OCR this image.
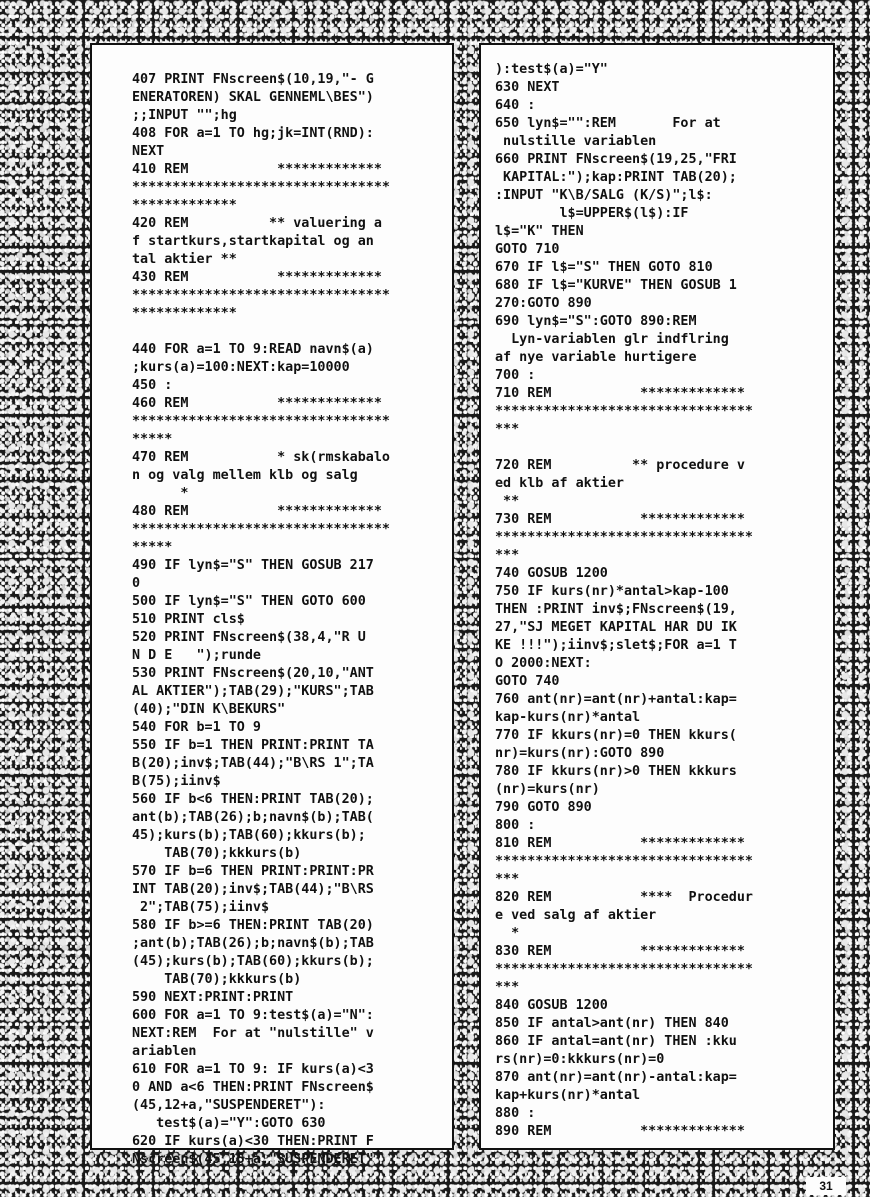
407 PRINT FNscreen$(10,19,"- G
ENERATOREN) SKAL GENNEML\BES")
;;INPUT "";hg
408 FOR a=1 TO hg;jk=INT(RND):
NEXT
410 REM           *************
********************************
*************
420 REM          ** valuering a
f startkurs,startkapital og an
tal aktier **
430 REM           *************
********************************
*************

440 FOR a=1 TO 9:READ navn$(a)
;kurs(a)=100:NEXT:kap=10000
450 :
460 REM           *************
********************************
*****
470 REM           * sk(rmskabalo
n og valg mellem klb og salg
*
480 REM           *************
********************************
*****
490 IF lyn$="S" THEN GOSUB 217
0
500 IF lyn$="S" THEN GOTO 600
510 PRINT cls$
520 PRINT FNscreen$(38,4,"R U
N D E   ");runde
530 PRINT FNscreen$(20,10,"ANT
AL AKTIER");TAB(29);"KURS";TAB
(40);"DIN K\BEKURS"
540 FOR b=1 TO 9
550 IF b=1 THEN PRINT:PRINT TA
B(20);inv$;TAB(44);"B\RS 1";TA
B(75);iinv$
560 IF b<6 THEN:PRINT TAB(20);
ant(b);TAB(26);b;navn$(b);TAB(
45);kurs(b);TAB(60);kkurs(b);
TAB(70);kkkurs(b)
570 IF b=6 THEN PRINT:PRINT:PR
INT TAB(20);inv$;TAB(44);"B\RS
2";TAB(75);iinv$
580 IF b>=6 THEN:PRINT TAB(20)
;ant(b);TAB(26);b;navn$(b);TAB
(45);kurs(b);TAB(60);kkurs(b);
TAB(70);kkkurs(b)
590 NEXT:PRINT:PRINT
600 FOR a=1 TO 9:test$(a)="N":
NEXT:REM  For at "nulstille" v
ariablen
610 FOR a=1 TO 9: IF kurs(a)<3
0 AND a<6 THEN:PRINT FNscreen$
(45,12+a,"SUSPENDERET"):
test$(a)="Y":GOTO 630
620 IF kurs(a)<30 THEN:PRINT F
Nscreen$(45,15+a,"SUSPENDERET"
):test$(a)="Y"
630 NEXT
640 :
650 lyn$="":REM       For at
nulstille variablen
660 PRINT FNscreen$(19,25,"FRI
KAPITAL:");kap:PRINT TAB(20);
:INPUT "K\B/SALG (K/S)";l$:
l$=UPPER$(l$):IF
l$="K" THEN
GOTO 710
670 IF l$="S" THEN GOTO 810
680 IF l$="KURVE" THEN GOSUB 1
270:GOTO 890
690 lyn$="S":GOTO 890:REM
Lyn-variablen glr indflring
af nye variable hurtigere
700 :
710 REM           *************
********************************
***

720 REM          ** procedure v
ed klb af aktier
**
730 REM           *************
********************************
***
740 GOSUB 1200
750 IF kurs(nr)*antal>kap-100
THEN :PRINT inv$;FNscreen$(19,
27,"SJ MEGET KAPITAL HAR DU IK
KE !!!");iinv$;slet$;FOR a=1 T
O 2000:NEXT:
GOTO 740
760 ant(nr)=ant(nr)+antal:kap=
kap-kurs(nr)*antal
770 IF kkurs(nr)=0 THEN kkurs(
nr)=kurs(nr):GOTO 890
780 IF kkurs(nr)>0 THEN kkkurs
(nr)=kurs(nr)
790 GOTO 890
800 :
810 REM           *************
********************************
***
820 REM           ****  Procedur
e ved salg af aktier
*
830 REM           *************
********************************
***
840 GOSUB 1200
850 IF antal>ant(nr) THEN 840
860 IF antal=ant(nr) THEN :kku
rs(nr)=0:kkkurs(nr)=0
870 ant(nr)=ant(nr)-antal:kap=
kap+kurs(nr)*antal
880 :
890 REM           *************
31
